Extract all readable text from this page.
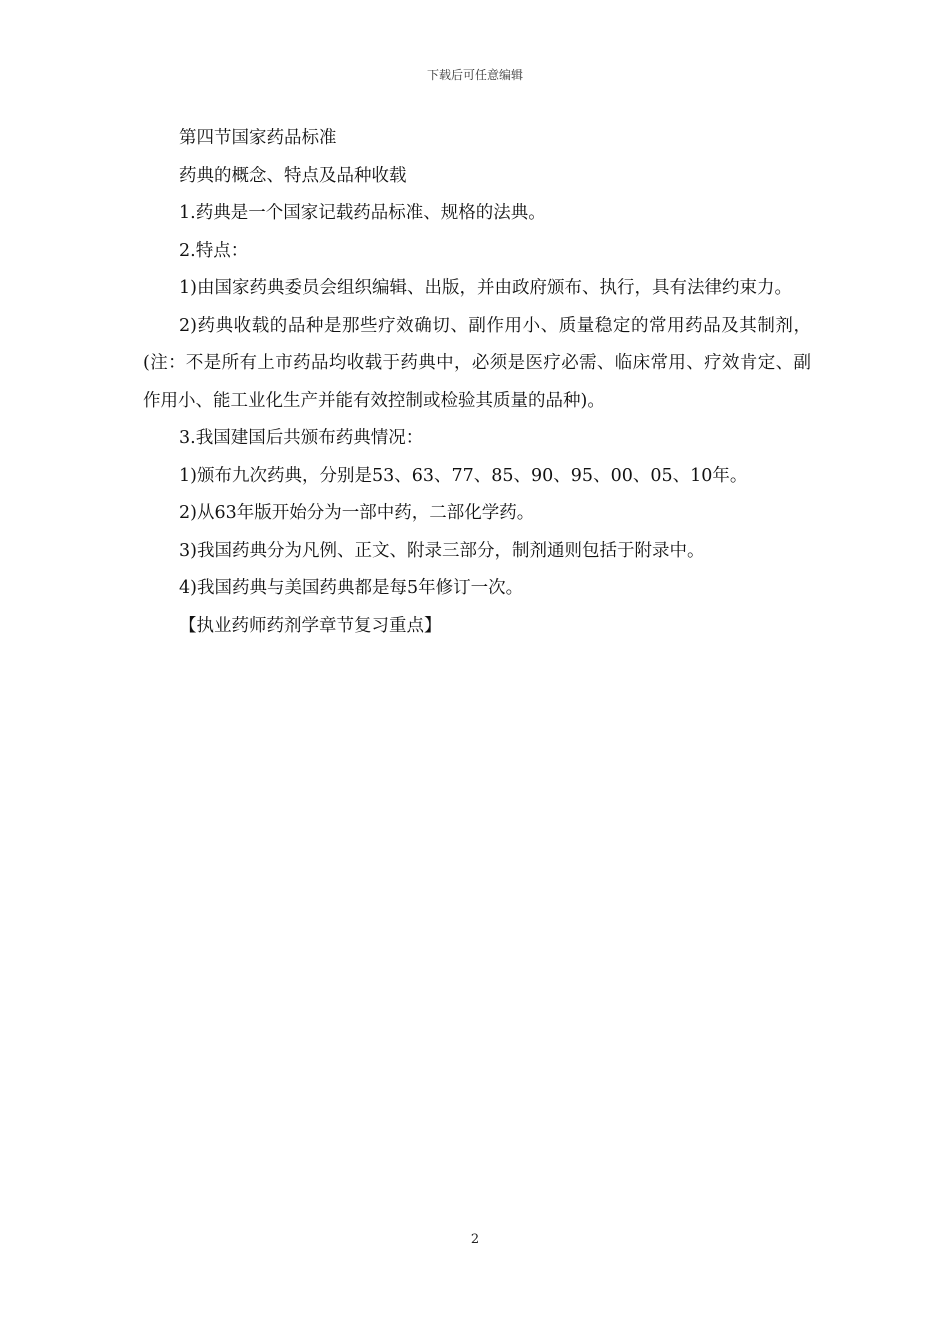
下载后可任意编辑

第四节国家药品标准

药典的概念、特点及品种收载

1.药典是一个国家记载药品标准、规格的法典。

2.特点：

1)由国家药典委员会组织编辑、出版，并由政府颁布、执行，具有法律约束力。

2)药典收载的品种是那些疗效确切、副作用小、质量稳定的常用药品及其制剂，(注：不是所有上市药品均收载于药典中，必须是医疗必需、临床常用、疗效肯定、副作用小、能工业化生产并能有效控制或检验其质量的品种)。

3.我国建国后共颁布药典情况：

1)颁布九次药典，分别是53、63、77、85、90、95、00、05、10年。

2)从63年版开始分为一部中药，二部化学药。

3)我国药典分为凡例、正文、附录三部分，制剂通则包括于附录中。

4)我国药典与美国药典都是每5年修订一次。

【执业药师药剂学章节复习重点】

2
